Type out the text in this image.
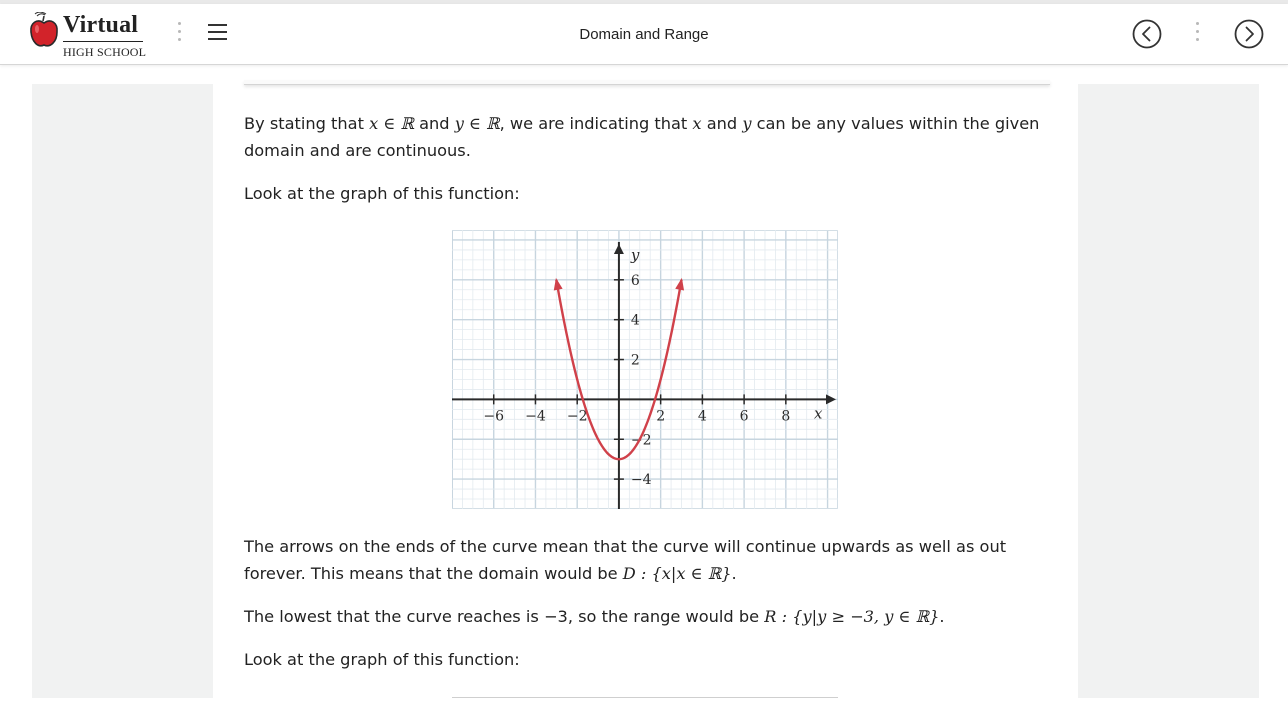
Virtual
HIGH SCHOOL
Domain and Range

By stating that x ∈ ℝ and y ∈ ℝ, we are indicating that x and y can be any values within the given domain and are continuous.

Look at the graph of this function:

−6 −4 −2	2 4 6 8
−4
−2
2
4
6
x
y

The arrows on the ends of the curve mean that the curve will continue upwards as well as out forever. This means that the domain would be D : {x|x ∈ ℝ}.

The lowest that the curve reaches is −3, so the range would be R : {y|y ≥ −3, y ∈ ℝ}.

Look at the graph of this function:
